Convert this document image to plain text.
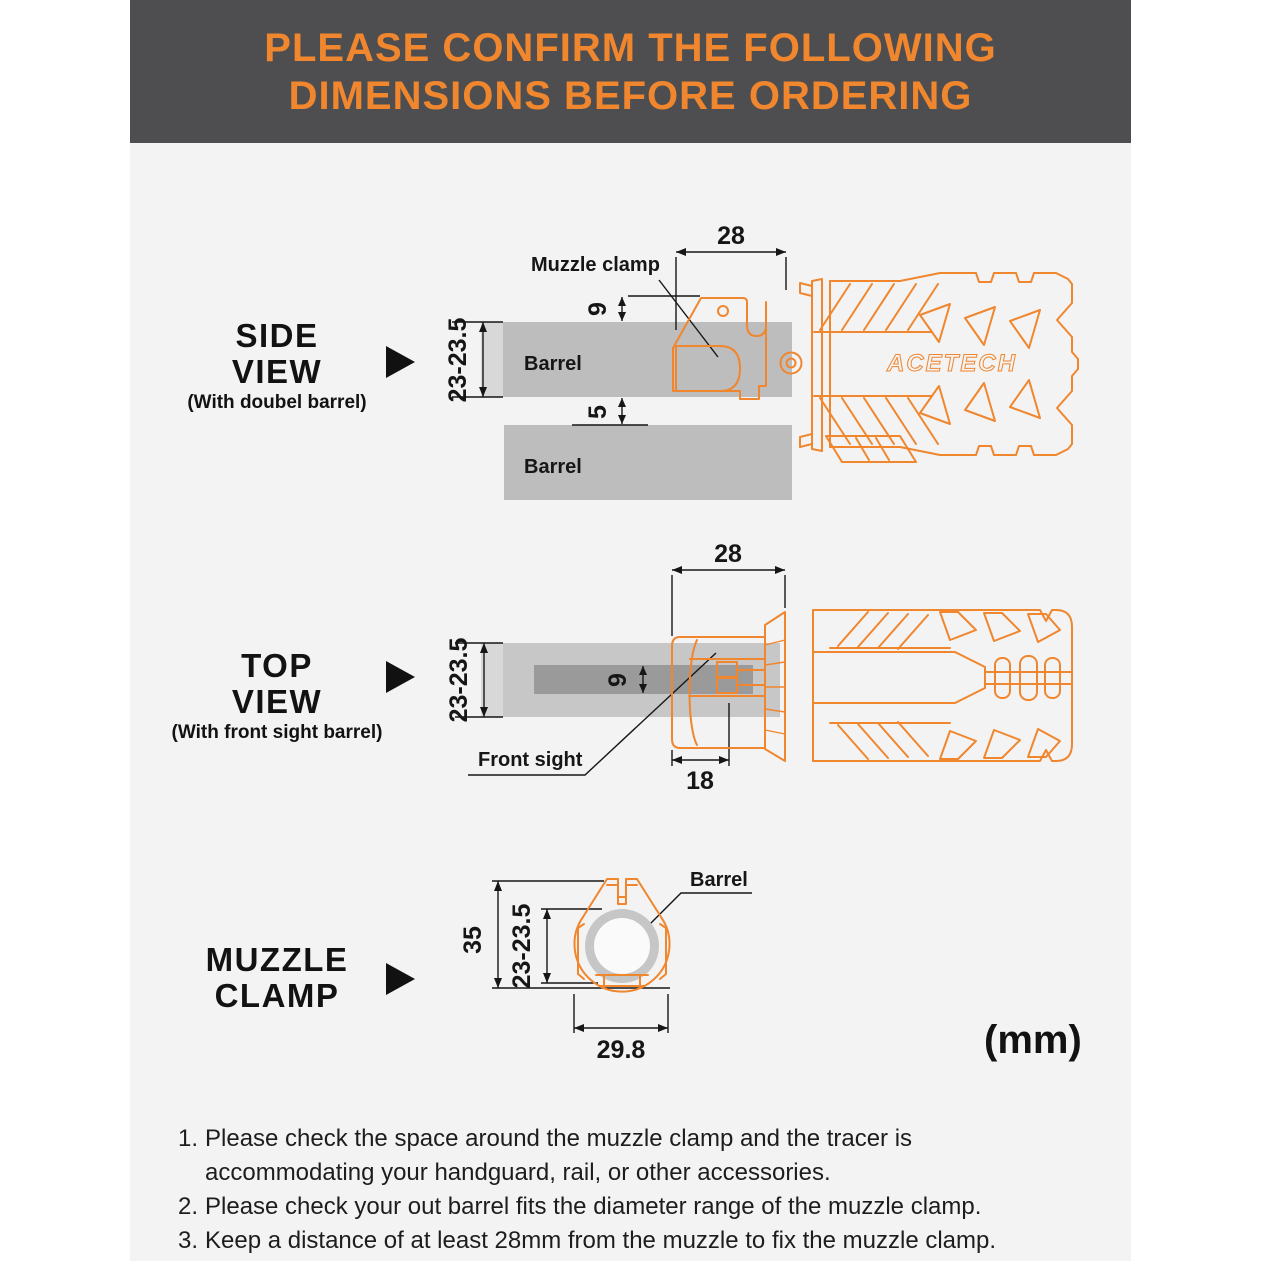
PLEASE CONFIRM THE FOLLOWING
DIMENSIONS BEFORE ORDERING
SIDE
VIEW
(With doubel barrel)
Barrel
Barrel
28
9
23-23.5
5
Muzzle clamp
ACETECH
TOP
VIEW
(With front sight barrel)
28
23-23.5	9
18
Front sight
MUZZLE
CLAMP
35 23-23.5
29.8
Barrel
(mm)
1. Please check the space around the muzzle clamp and the tracer is
accommodating your handguard, rail, or other accessories.
2. Please check your out barrel fits the diameter range of the muzzle clamp.
3. Keep a distance of at least 28mm from the muzzle to fix the muzzle clamp.
